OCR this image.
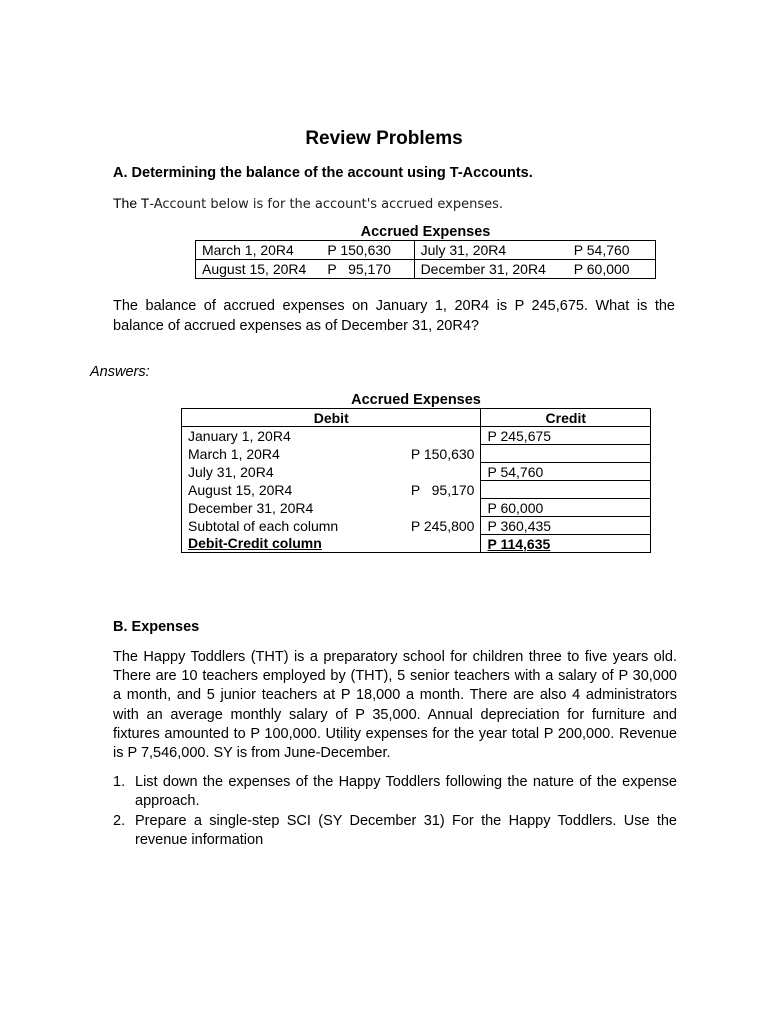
Review Problems
A. Determining the balance of the account using T-Accounts.
The T-Account below is for the account's accrued expenses.
Accrued Expenses
March 1, 20R4	P 150,630	July 31, 20R4	P 54,760
August 15, 20R4	P   95,170	December 31, 20R4	P 60,000
The balance of accrued expenses on January 1, 20R4 is P 245,675. What is the balance of accrued expenses as of December 31, 20R4?
Answers:
Accrued Expenses
Debit		Credit
January 1, 20R4		P 245,675
March 1, 20R4	P 150,630	
July 31, 20R4		P 54,760
August 15, 20R4	P   95,170	
December 31, 20R4		P 60,000
Subtotal of each column	P 245,800	P 360,435
Debit-Credit column		P 114,635
B. Expenses
The Happy Toddlers (THT) is a preparatory school for children three to five years old. There are 10 teachers employed by (THT), 5 senior teachers with a salary of P 30,000 a month, and 5 junior teachers at P 18,000 a month. There are also 4 administrators with an average monthly salary of P 35,000. Annual depreciation for furniture and fixtures amounted to P 100,000. Utility expenses for the year total P 200,000. Revenue is P 7,546,000. SY is from June-December.
1. List down the expenses of the Happy Toddlers following the nature of the expense approach.
2. Prepare a single-step SCI (SY December 31) For the Happy Toddlers. Use the revenue information
